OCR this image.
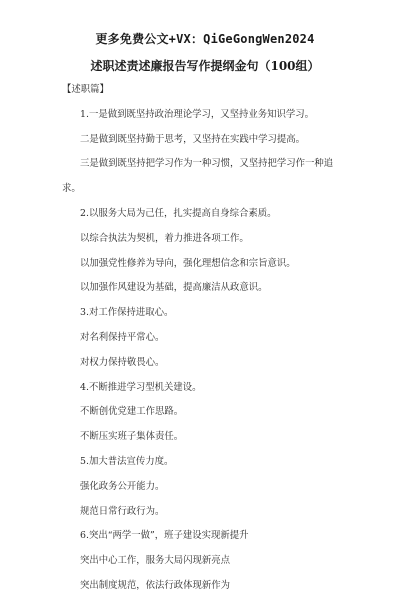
更多免费公文+VX：QiGeGongWen2024
述职述责述廉报告写作提纲金句（100组）
【述职篇】
1.一是做到既坚持政治理论学习，又坚持业务知识学习。
二是做到既坚持勤于思考，又坚持在实践中学习提高。
三是做到既坚持把学习作为一种习惯，又坚持把学习作一种追
求。
2.以服务大局为己任，扎实提高自身综合素质。
以综合执法为契机，着力推进各项工作。
以加强党性修养为导向，强化理想信念和宗旨意识。
以加强作风建设为基础，提高廉洁从政意识。
3.对工作保持进取心。
对名利保持平常心。
对权力保持敬畏心。
4.不断推进学习型机关建设。
不断创优党建工作思路。
不断压实班子集体责任。
5.加大普法宣传力度。
强化政务公开能力。
规范日常行政行为。
6.突出“两学一做”，班子建设实现新提升
突出中心工作，服务大局闪现新亮点
突出制度规范，依法行政体现新作为
